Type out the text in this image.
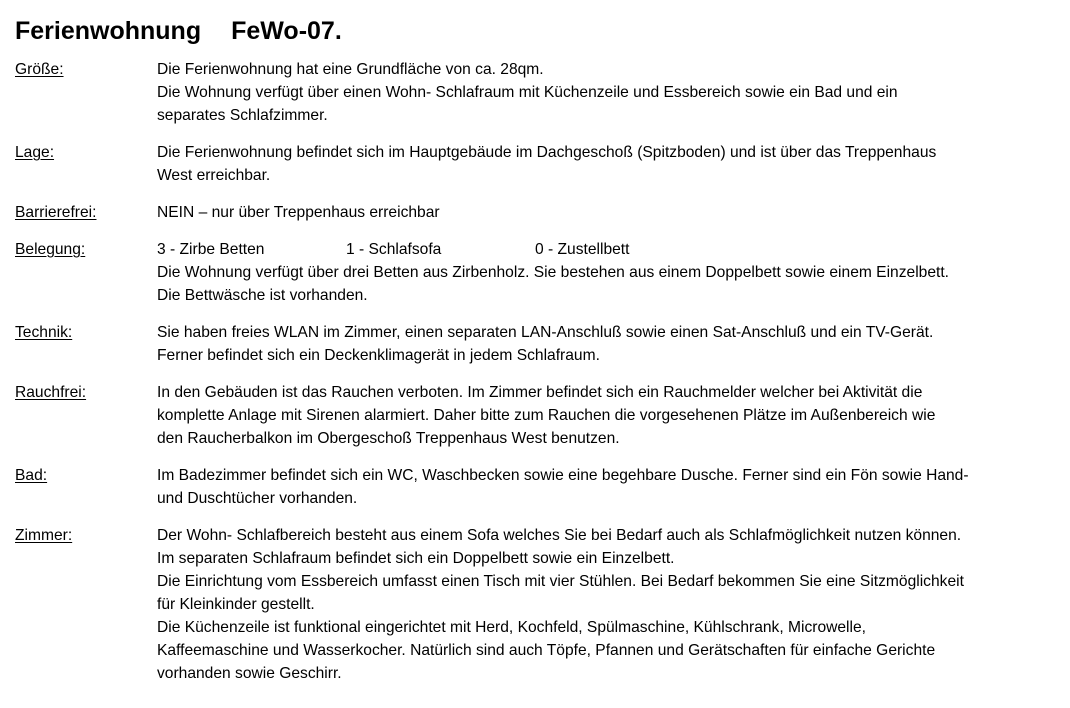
Ferienwohnung FeWo-07.
Größe:	Die Ferienwohnung hat eine Grundfläche von ca. 28qm.
Die Wohnung verfügt über einen Wohn- Schlafraum mit Küchenzeile und Essbereich sowie ein Bad und ein
separates Schlafzimmer.
Lage:	Die Ferienwohnung befindet sich im Hauptgebäude im Dachgeschoß (Spitzboden) und ist über das Treppenhaus
West erreichbar.
Barrierefrei:	NEIN – nur über Treppenhaus erreichbar
Belegung:	3 - Zirbe Betten	1 - Schlafsofa	0 - Zustellbett
Die Wohnung verfügt über drei Betten aus Zirbenholz. Sie bestehen aus einem Doppelbett sowie einem Einzelbett.
Die Bettwäsche ist vorhanden.
Technik:	Sie haben freies WLAN im Zimmer, einen separaten LAN-Anschluß sowie einen Sat-Anschluß und ein TV-Gerät.
Ferner befindet sich ein Deckenklimagerät in jedem Schlafraum.
Rauchfrei:	In den Gebäuden ist das Rauchen verboten. Im Zimmer befindet sich ein Rauchmelder welcher bei Aktivität die
komplette Anlage mit Sirenen alarmiert. Daher bitte zum Rauchen die vorgesehenen Plätze im Außenbereich wie
den Raucherbalkon im Obergeschoß Treppenhaus West benutzen.
Bad:	Im Badezimmer befindet sich ein WC, Waschbecken sowie eine begehbare Dusche. Ferner sind ein Fön sowie Hand-
und Duschtücher vorhanden.
Zimmer:	Der Wohn- Schlafbereich besteht aus einem Sofa welches Sie bei Bedarf auch als Schlafmöglichkeit nutzen können.
Im separaten Schlafraum befindet sich ein Doppelbett sowie ein Einzelbett.
Die Einrichtung vom Essbereich umfasst einen Tisch mit vier Stühlen. Bei Bedarf bekommen Sie eine Sitzmöglichkeit
für Kleinkinder gestellt.
Die Küchenzeile ist funktional eingerichtet mit Herd, Kochfeld, Spülmaschine, Kühlschrank, Microwelle,
Kaffeemaschine und Wasserkocher. Natürlich sind auch Töpfe, Pfannen und Gerätschaften für einfache Gerichte
vorhanden sowie Geschirr.
